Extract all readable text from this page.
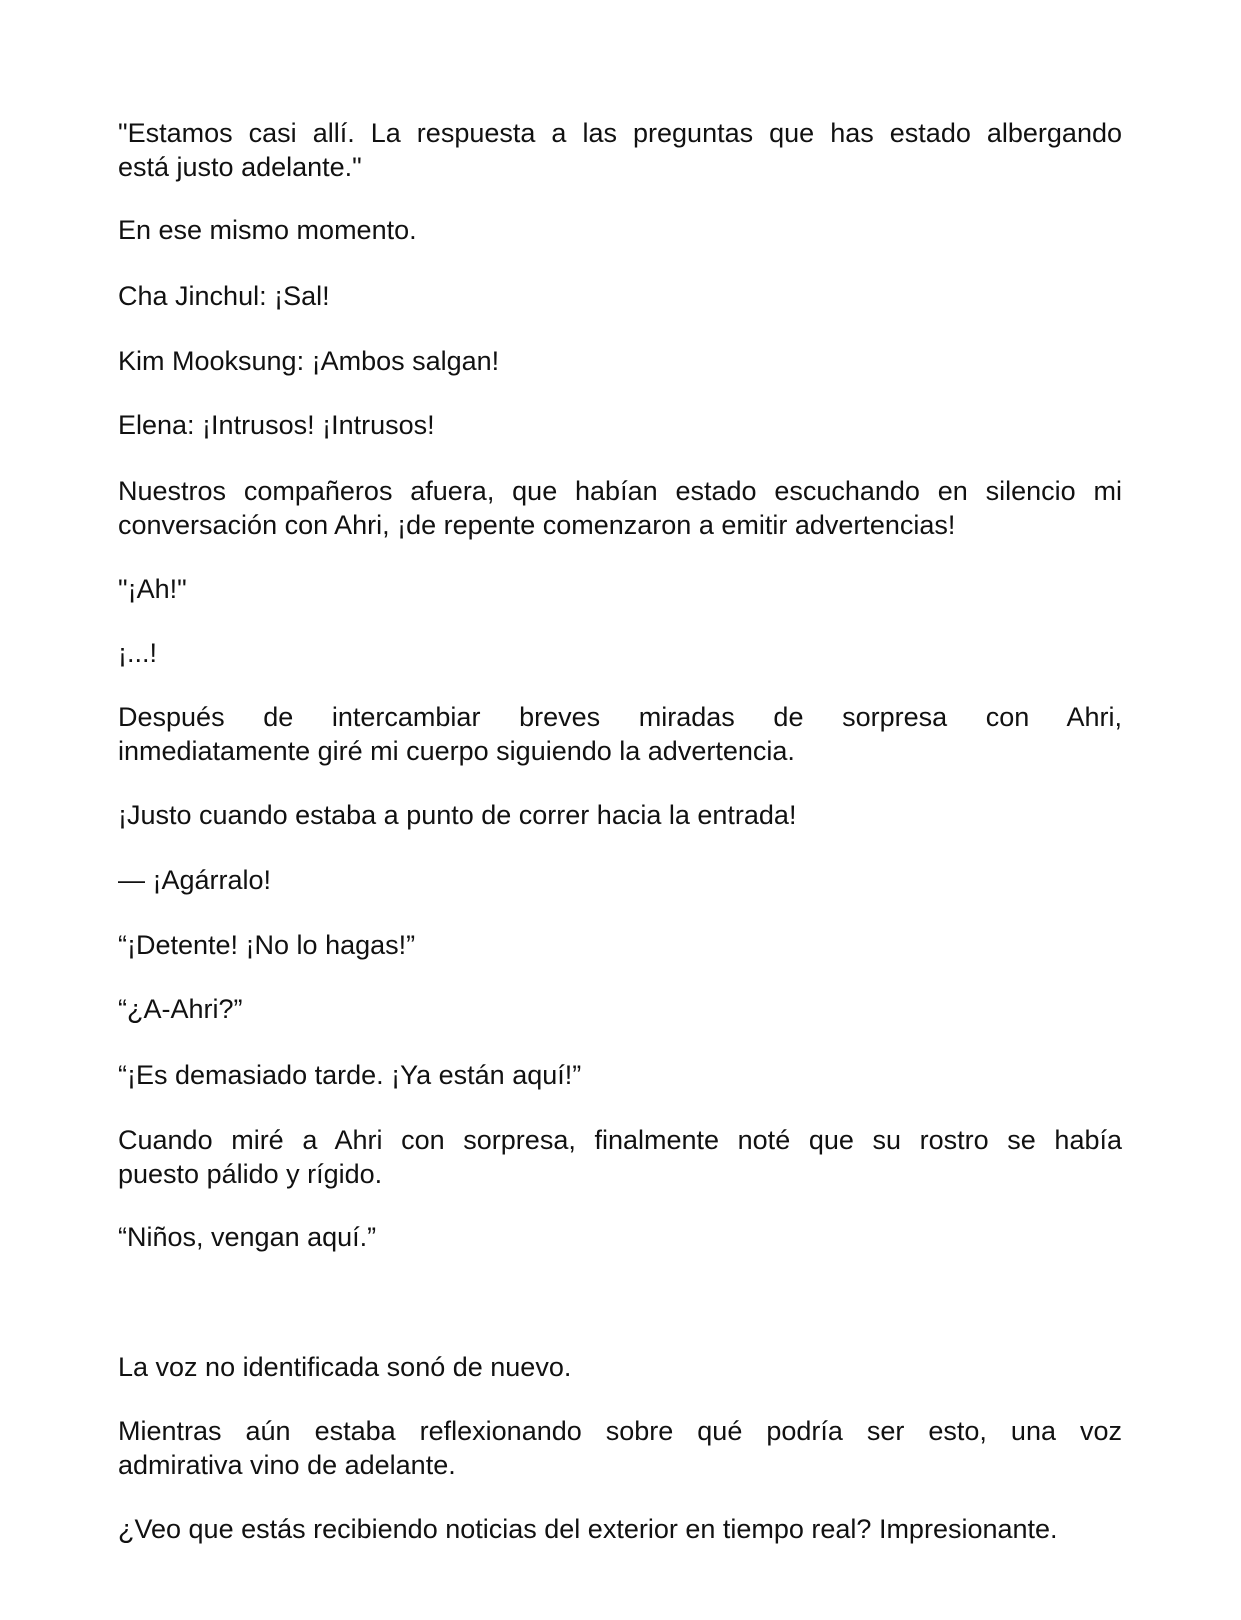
"Estamos casi allí. La respuesta a las preguntas que has estado albergando
está justo adelante."

En ese mismo momento.

Cha Jinchul: ¡Sal!

Kim Mooksung: ¡Ambos salgan!

Elena: ¡Intrusos! ¡Intrusos!

Nuestros compañeros afuera, que habían estado escuchando en silencio mi
conversación con Ahri, ¡de repente comenzaron a emitir advertencias!

"¡Ah!"

¡...!

Después de intercambiar breves miradas de sorpresa con Ahri,
inmediatamente giré mi cuerpo siguiendo la advertencia.

¡Justo cuando estaba a punto de correr hacia la entrada!

— ¡Agárralo!

“¡Detente! ¡No lo hagas!”

“¿A-Ahri?”

“¡Es demasiado tarde. ¡Ya están aquí!”

Cuando miré a Ahri con sorpresa, finalmente noté que su rostro se había
puesto pálido y rígido.

“Niños, vengan aquí.”

La voz no identificada sonó de nuevo.

Mientras aún estaba reflexionando sobre qué podría ser esto, una voz
admirativa vino de adelante.

¿Veo que estás recibiendo noticias del exterior en tiempo real? Impresionante.
